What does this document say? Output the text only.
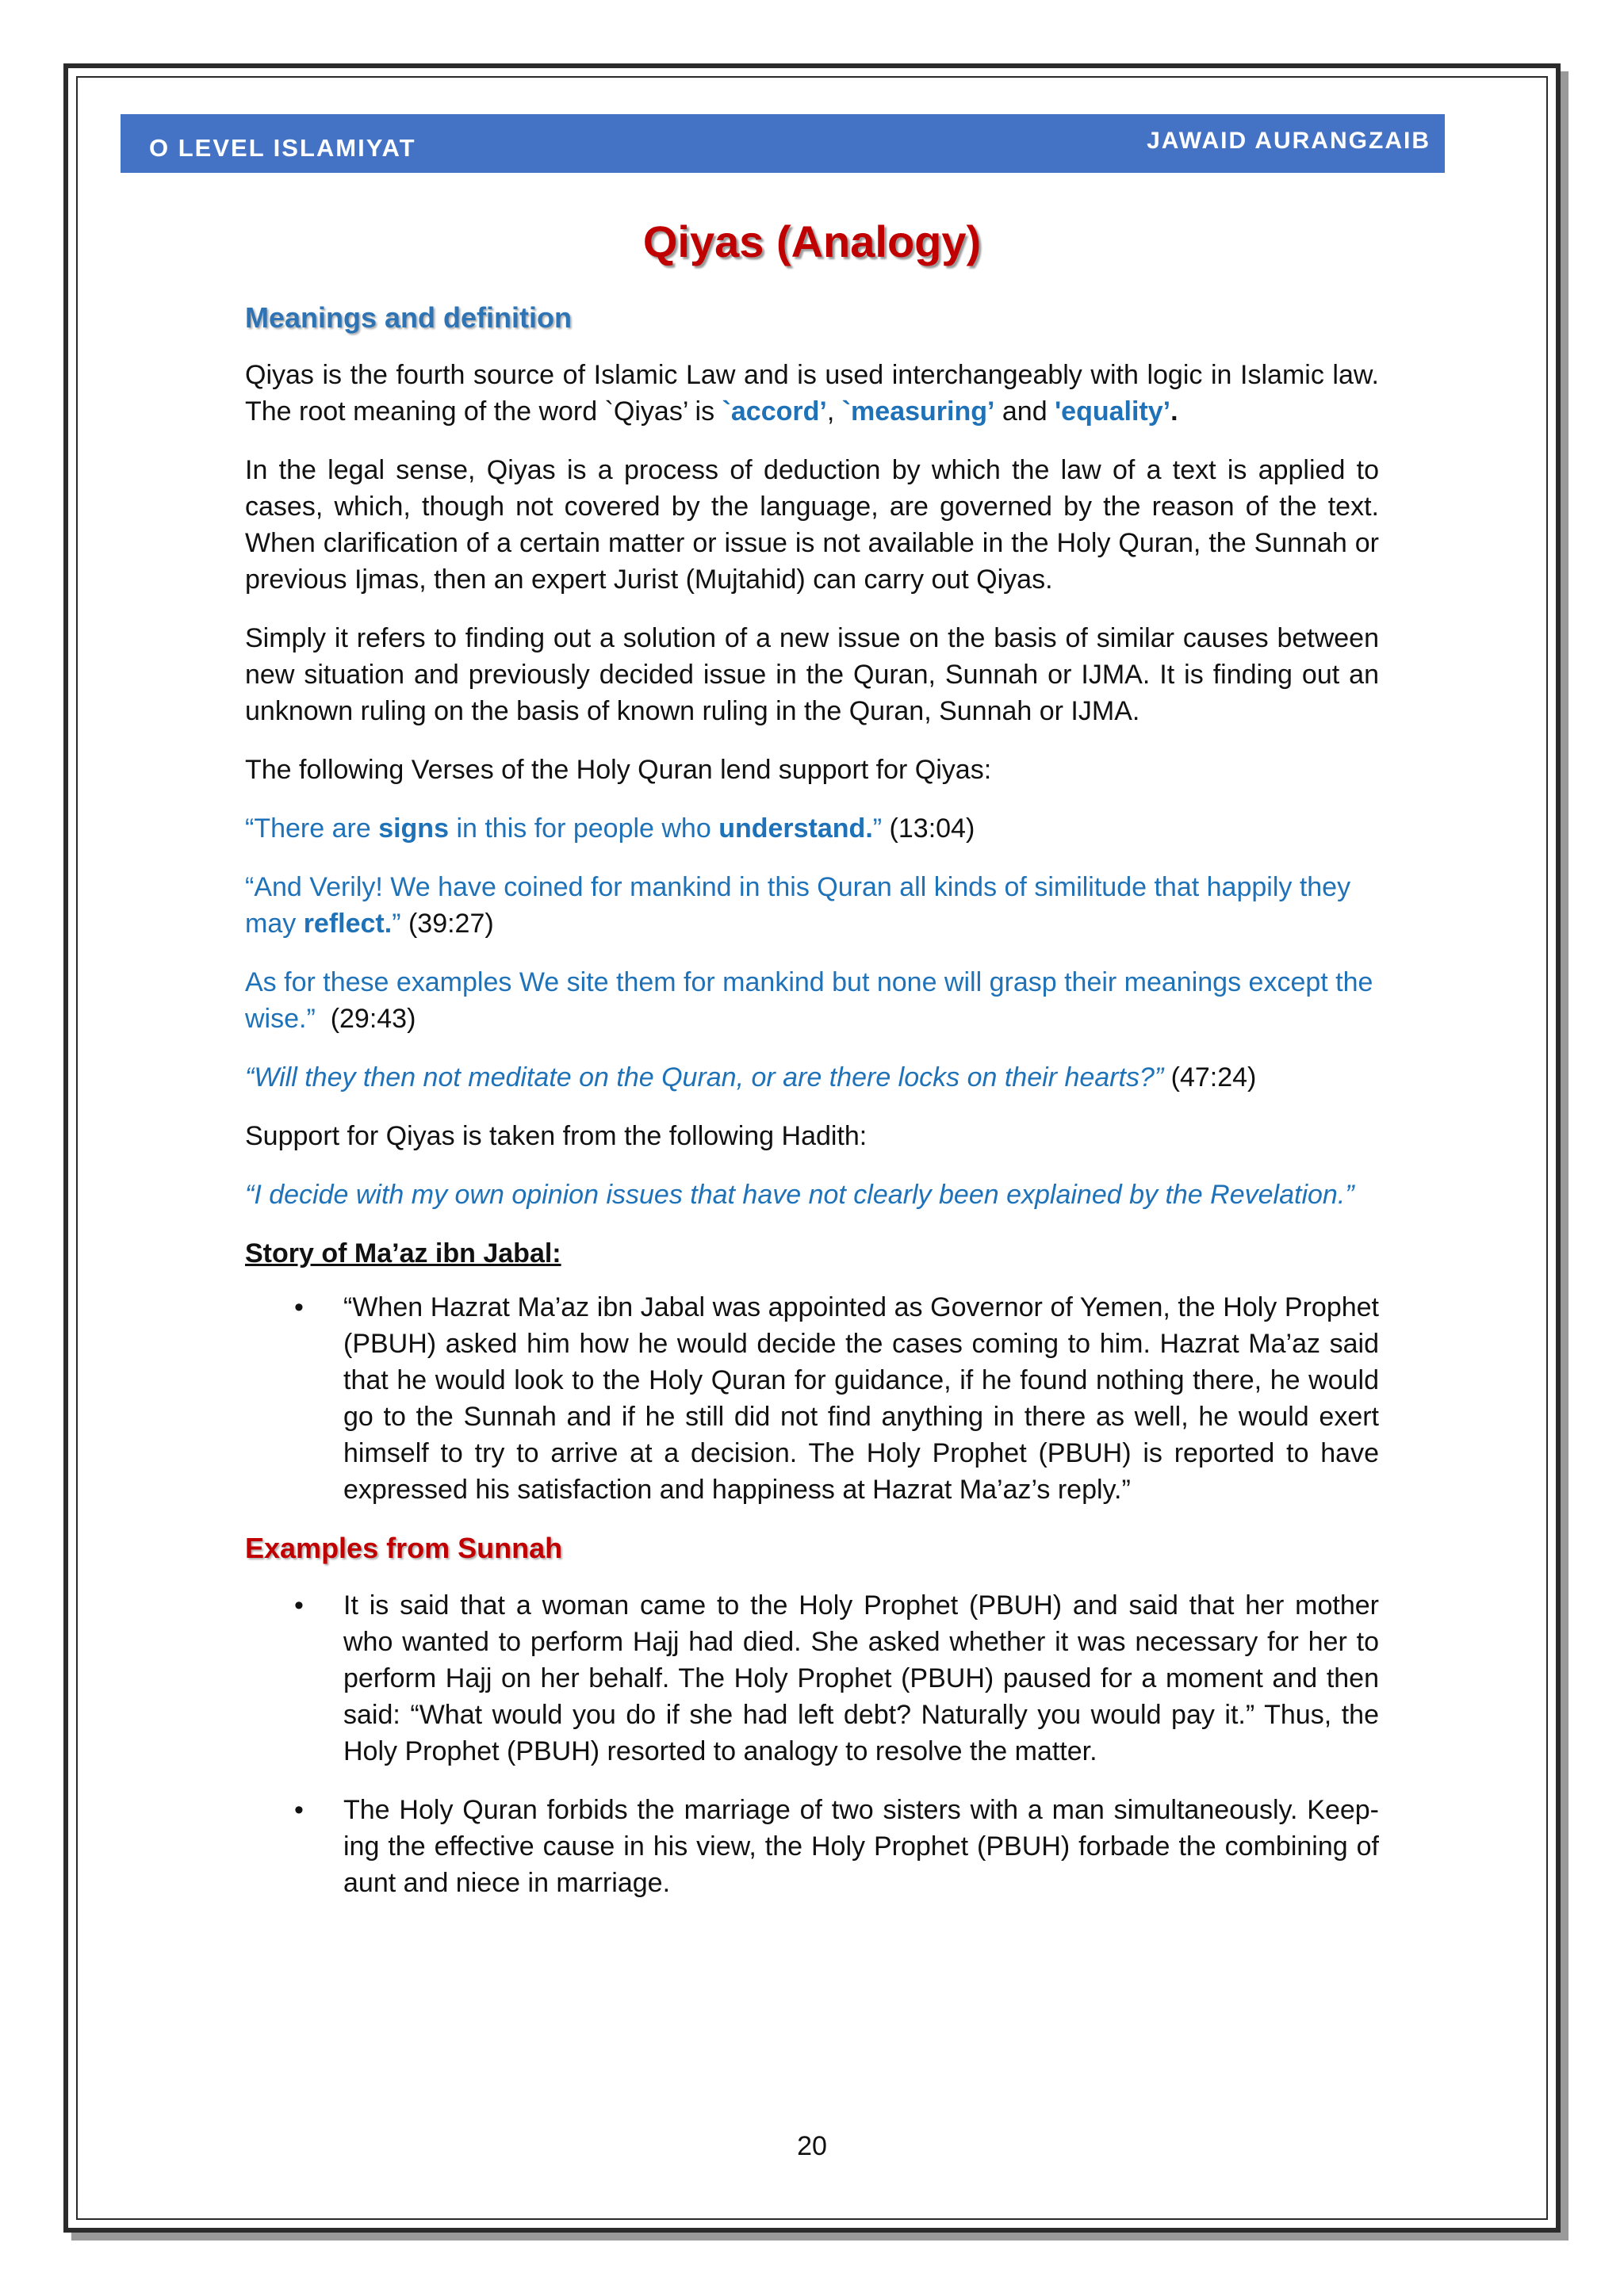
O LEVEL ISLAMIYAT	JAWAID AURANGZAIB
Qiyas (Analogy)
Meanings and definition

Qiyas is the fourth source of Islamic Law and is used interchangeably with logic in Islamic law. The root meaning of the word `Qiyas’ is `accord’, `measuring’ and 'equality’.

In the legal sense, Qiyas is a process of deduction by which the law of a text is applied to cases, which, though not covered by the language, are governed by the reason of the text. When clarification of a certain matter or issue is not available in the Holy Quran, the Sunnah or previous Ijmas, then an expert Jurist (Mujtahid) can carry out Qiyas.

Simply it refers to finding out a solution of a new issue on the basis of similar causes between new situation and previously decided issue in the Quran, Sunnah or IJMA. It is finding out an unknown ruling on the basis of known ruling in the Quran, Sunnah or IJMA.

The following Verses of the Holy Quran lend support for Qiyas:

“There are signs in this for people who understand.” (13:04)

“And Verily! We have coined for mankind in this Quran all kinds of similitude that happily they may reflect.” (39:27)

As for these examples We site them for mankind but none will grasp their meanings except the wise.”  (29:43)

“Will they then not meditate on the Quran, or are there locks on their hearts?” (47:24)

Support for Qiyas is taken from the following Hadith:

“I decide with my own opinion issues that have not clearly been explained by the Revelation.”

Story of Ma’az ibn Jabal:
• “When Hazrat Ma’az ibn Jabal was appointed as Governor of Yemen, the Holy Prophet (PBUH) asked him how he would decide the cases coming to him. Hazrat Ma’az said that he would look to the Holy Quran for guidance, if he found nothing there, he would go to the Sunnah and if he still did not find anything in there as well, he would exert himself to try to arrive at a decision. The Holy Prophet (PBUH) is reported to have expressed his satisfaction and happiness at Hazrat Ma’az’s reply.”
Examples from Sunnah
• It is said that a woman came to the Holy Prophet (PBUH) and said that her mother who wanted to perform Hajj had died. She asked whether it was necessary for her to perform Hajj on her behalf. The Holy Prophet (PBUH) paused for a moment and then said: “What would you do if she had left debt? Naturally you would pay it.” Thus, the Holy Prophet (PBUH) resorted to analogy to resolve the matter.
• The Holy Quran forbids the marriage of two sisters with a man simultaneously. Keep-ing the effective cause in his view, the Holy Prophet (PBUH) forbade the combining of aunt and niece in marriage.
20
